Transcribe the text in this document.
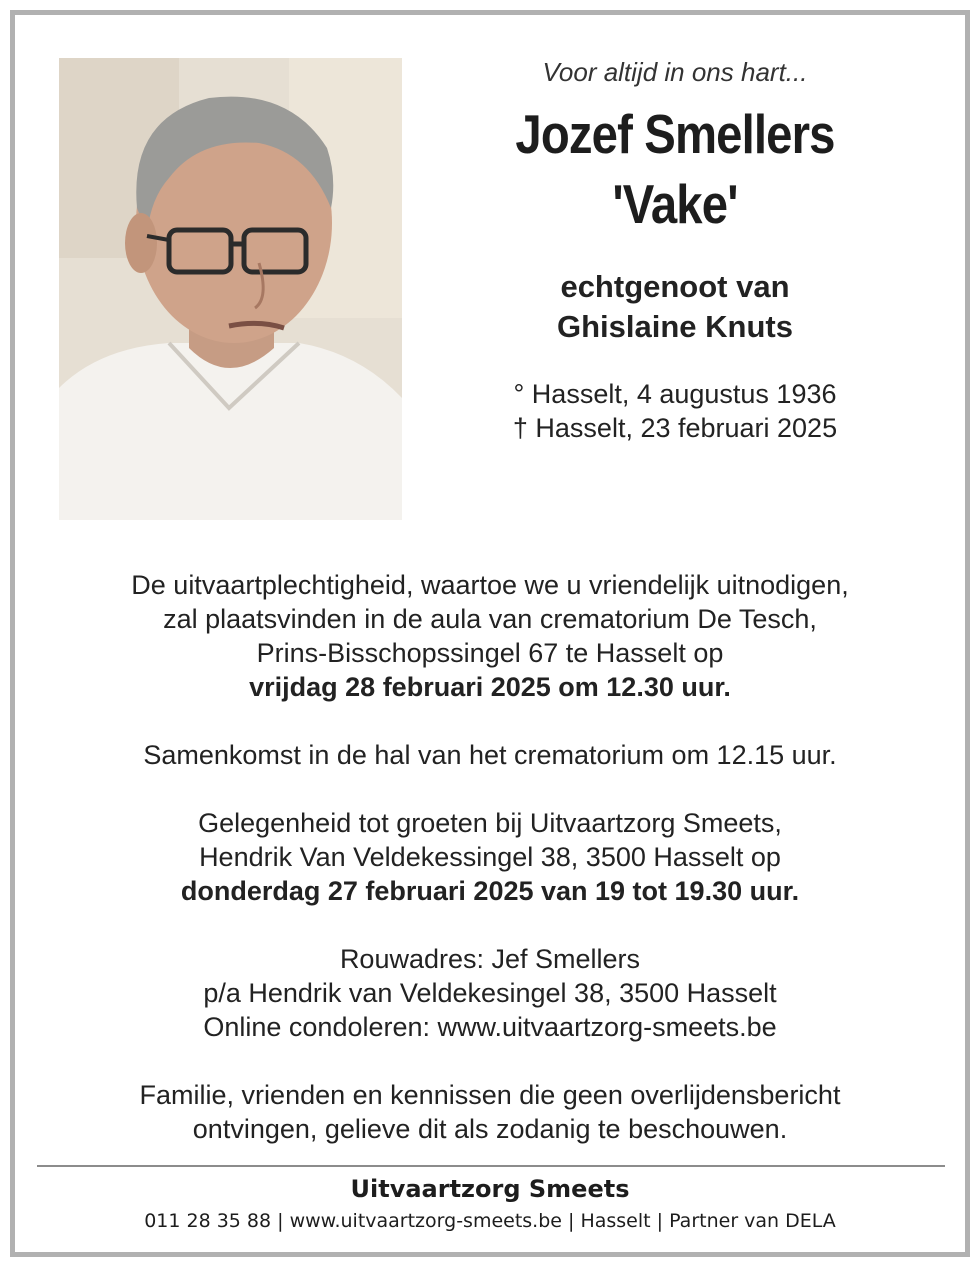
Voor altijd in ons hart...
Jozef Smellers
'Vake'
echtgenoot van
Ghislaine Knuts
° Hasselt, 4 augustus 1936
† Hasselt, 23 februari 2025

De uitvaartplechtigheid, waartoe we u vriendelijk uitnodigen,

zal plaatsvinden in de aula van crematorium De Tesch,

Prins-Bisschopssingel 67 te Hasselt op

vrijdag 28 februari 2025 om 12.30 uur.

Samenkomst in de hal van het crematorium om 12.15 uur.

Gelegenheid tot groeten bij Uitvaartzorg Smeets,

Hendrik Van Veldekessingel 38, 3500 Hasselt op

donderdag 27 februari 2025 van 19 tot 19.30 uur.

Rouwadres: Jef Smellers

p/a Hendrik van Veldekesingel 38, 3500 Hasselt

Online condoleren: www.uitvaartzorg-smeets.be

Familie, vrienden en kennissen die geen overlijdensbericht

ontvingen, gelieve dit als zodanig te beschouwen.

Uitvaartzorg Smeets
011 28 35 88 | www.uitvaartzorg-smeets.be | Hasselt | Partner van DELA
